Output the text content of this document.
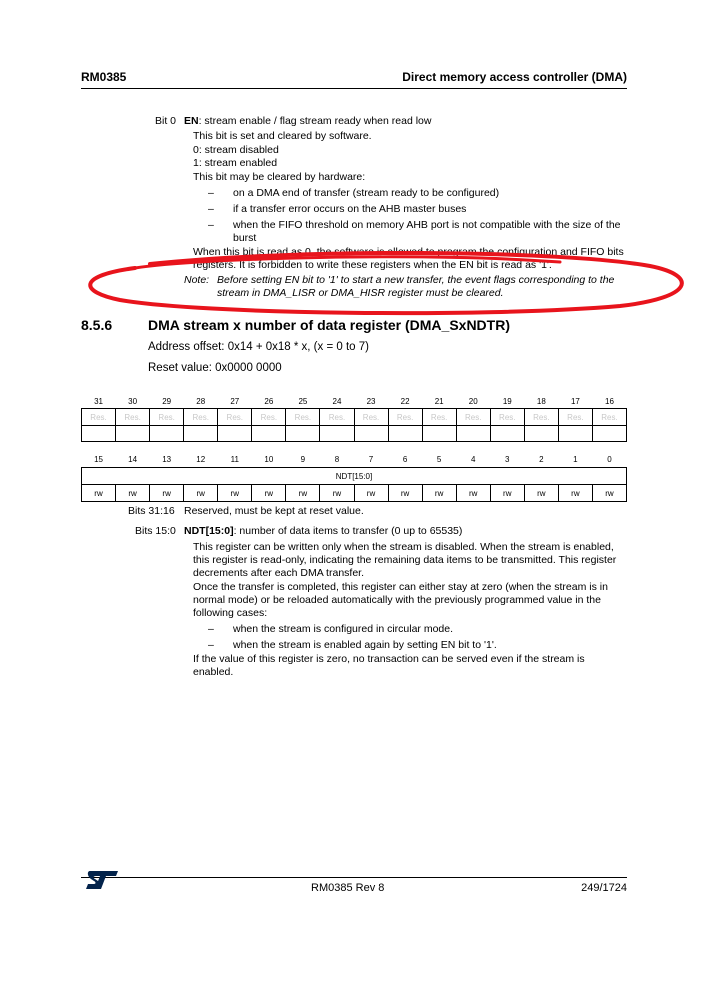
RM0385	Direct memory access controller (DMA)
Bit 0 EN: stream enable / flag stream ready when read low
This bit is set and cleared by software.
0: stream disabled
1: stream enabled
This bit may be cleared by hardware:
– on a DMA end of transfer (stream ready to be configured)
– if a transfer error occurs on the AHB master buses
– when the FIFO threshold on memory AHB port is not compatible with the size of the
burst
When this bit is read as 0, the software is allowed to program the configuration and FIFO bits
registers. It is forbidden to write these registers when the EN bit is read as '1'.
Note: Before setting EN bit to '1' to start a new transfer, the event flags corresponding to the
stream in DMA_LISR or DMA_HISR register must be cleared.
8.5.6	DMA stream x number of data register (DMA_SxNDTR)
Address offset: 0x14 + 0x18 * x, (x = 0 to 7)
Reset value: 0x0000 0000
31	30	29	28	27	26	25	24	23	22	21	20	19	18	17	16
Res.	Res.	Res.	Res.	Res.	Res.	Res.	Res.	Res.	Res.	Res.	Res.	Res.	Res.	Res.	Res.

15	14	13	12	11	10	9	8	7	6	5	4	3	2	1	0
NDT[15:0]															
rw	rw	rw	rw	rw	rw	rw	rw	rw	rw	rw	rw	rw	rw	rw	rw
Bits 31:16 Reserved, must be kept at reset value.
Bits 15:0 NDT[15:0]: number of data items to transfer (0 up to 65535)
This register can be written only when the stream is disabled. When the stream is enabled,
this register is read-only, indicating the remaining data items to be transmitted. This register
decrements after each DMA transfer.
Once the transfer is completed, this register can either stay at zero (when the stream is in
normal mode) or be reloaded automatically with the previously programmed value in the
following cases:
– when the stream is configured in circular mode.
– when the stream is enabled again by setting EN bit to '1'.
If the value of this register is zero, no transaction can be served even if the stream is
enabled.
RM0385 Rev 8	249/1724
